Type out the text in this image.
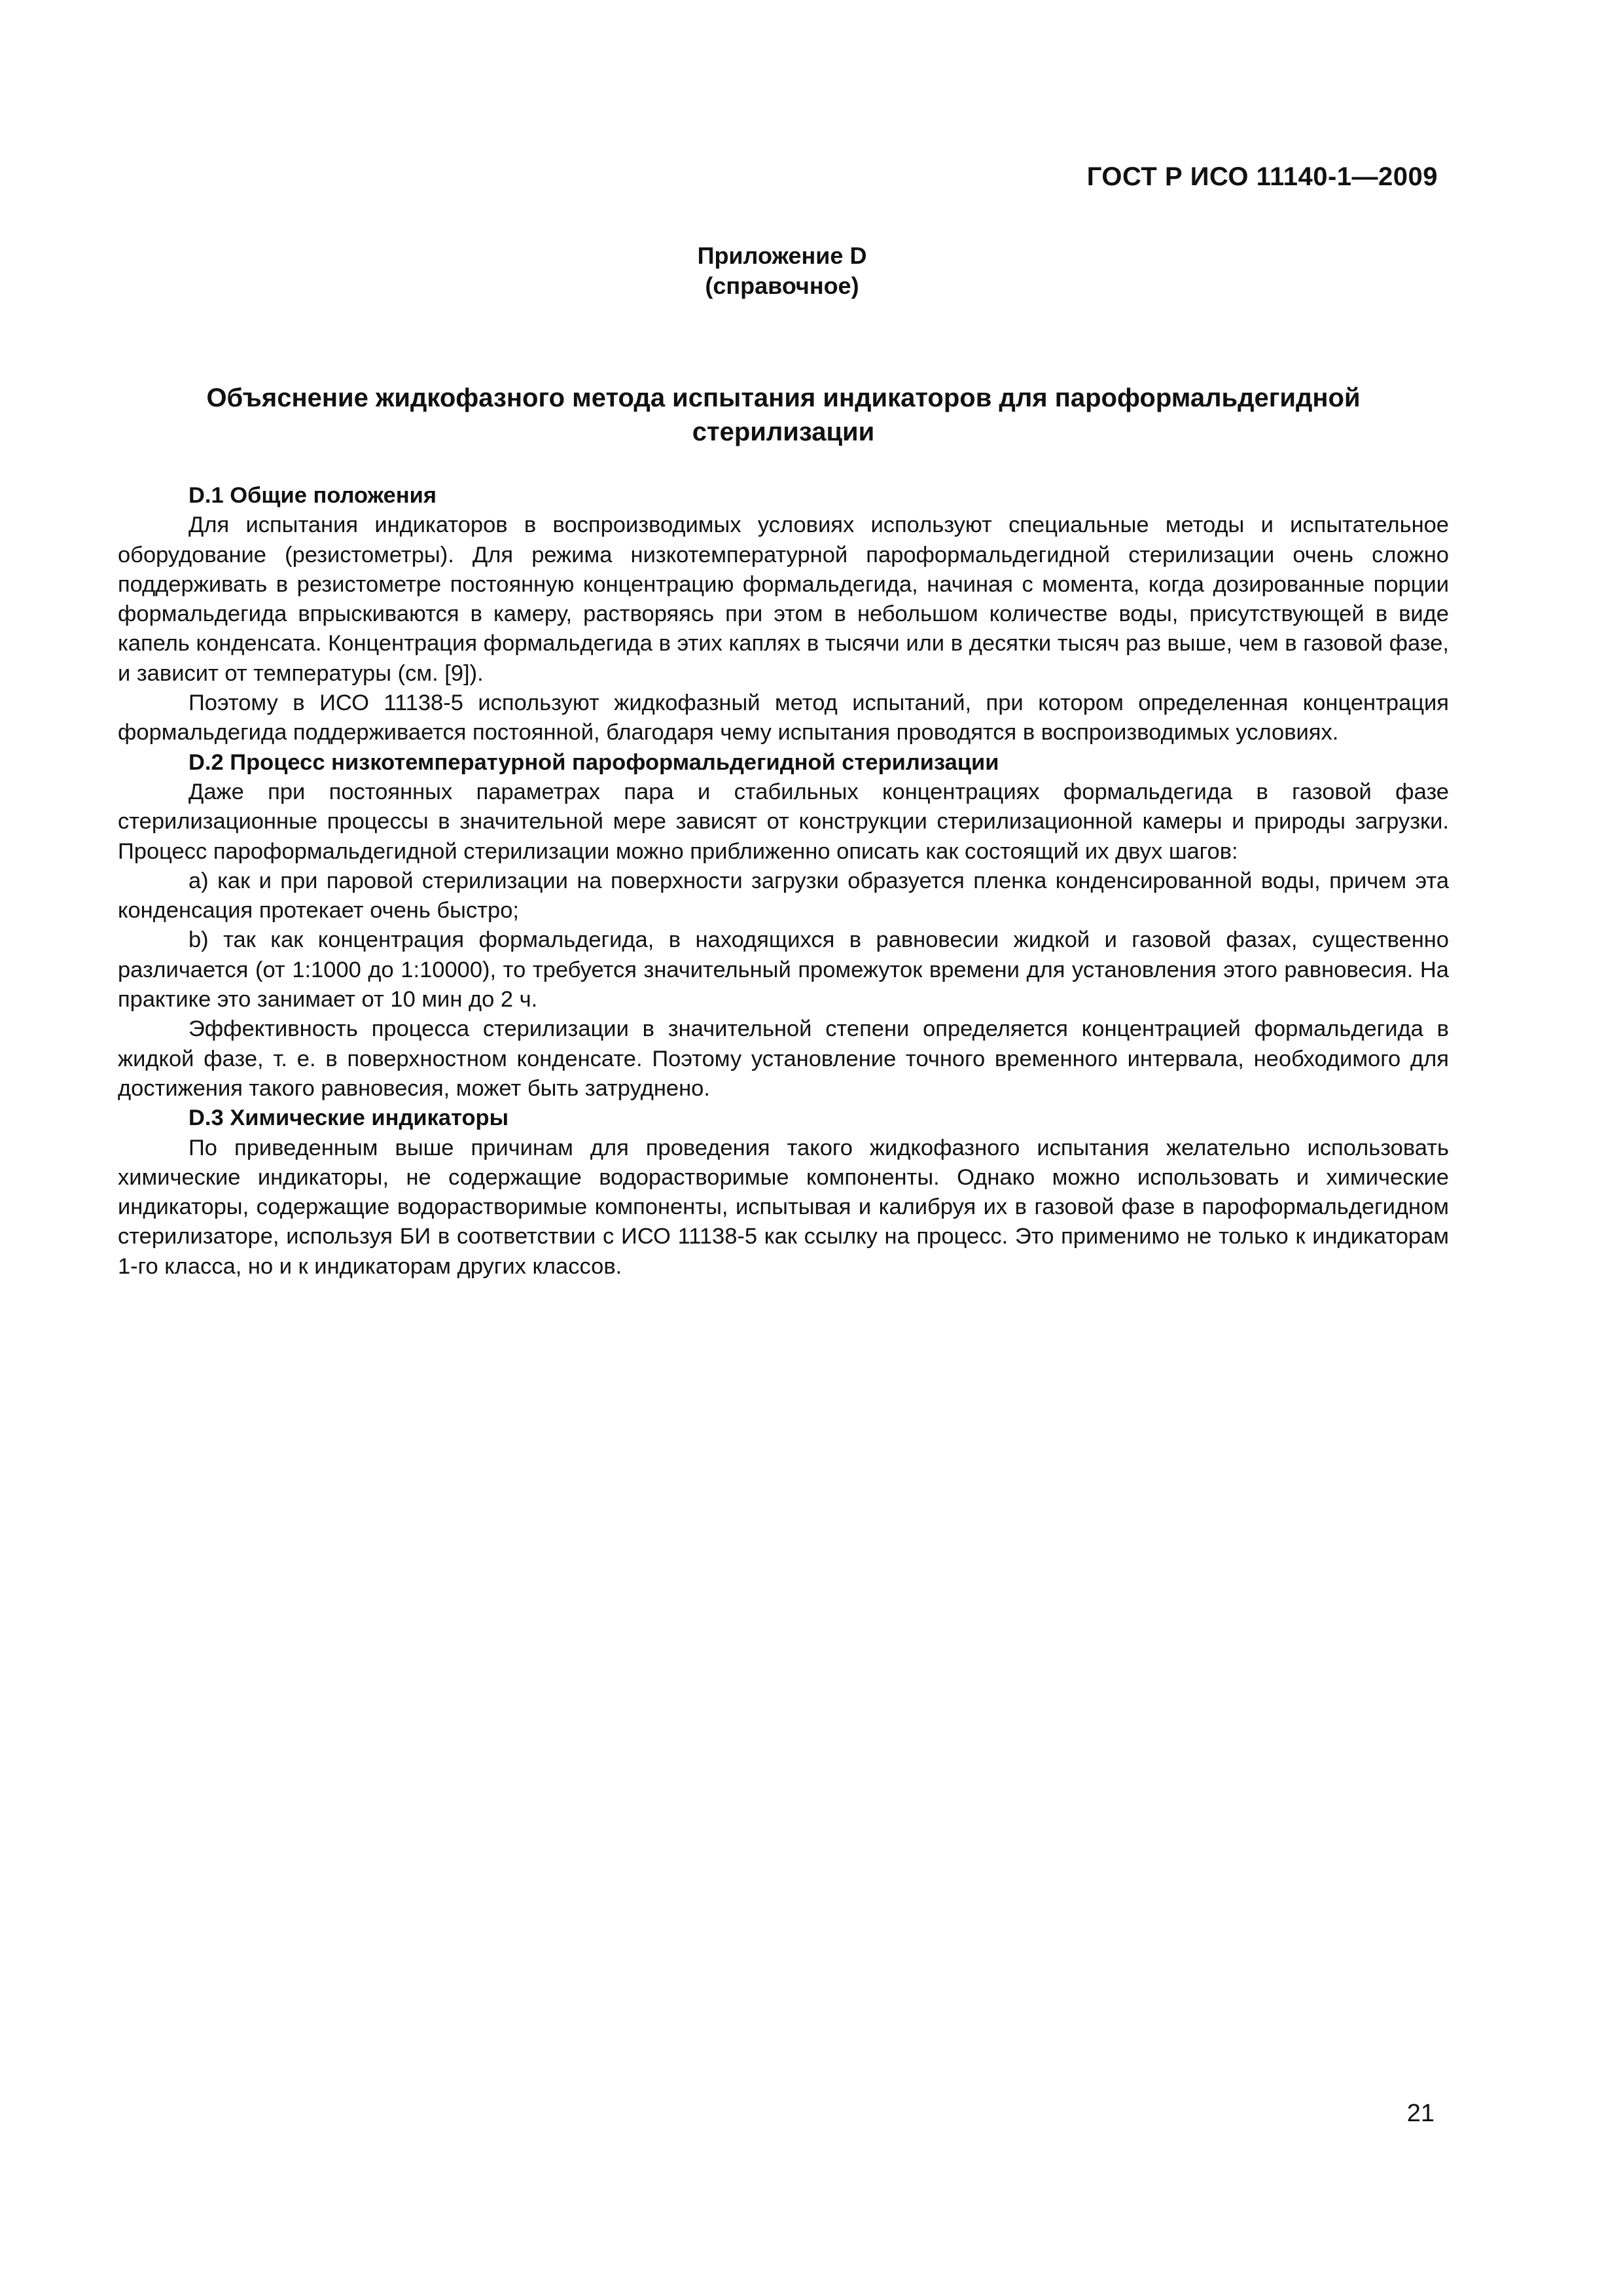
ГОСТ Р ИСО 11140-1—2009
Приложение D
(справочное)
Объяснение жидкофазного метода испытания индикаторов для пароформальдегидной
стерилизации

D.1 Общие положения

Для испытания индикаторов в воспроизводимых условиях используют специальные методы и испытательное оборудование (резистометры). Для режима низкотемпературной пароформальдегидной стерилизации очень сложно поддерживать в резистометре постоянную концентрацию формальдегида, начиная с момента, когда дозированные порции формальдегида впрыскиваются в камеру, растворяясь при этом в небольшом количестве воды, присутствующей в виде капель конденсата. Концентрация формальдегида в этих каплях в тысячи или в десятки тысяч раз выше, чем в газовой фазе, и зависит от температуры (см. [9]).

Поэтому в ИСО 11138-5 используют жидкофазный метод испытаний, при котором определенная концентрация формальдегида поддерживается постоянной, благодаря чему испытания проводятся в воспроизводимых условиях.

D.2 Процесс низкотемпературной пароформальдегидной стерилизации

Даже при постоянных параметрах пара и стабильных концентрациях формальдегида в газовой фазе стерилизационные процессы в значительной мере зависят от конструкции стерилизационной камеры и природы загрузки. Процесс пароформальдегидной стерилизации можно приближенно описать как состоящий их двух шагов:

a) как и при паровой стерилизации на поверхности загрузки образуется пленка конденсированной воды, причем эта конденсация протекает очень быстро;

b) так как концентрация формальдегида, в находящихся в равновесии жидкой и газовой фазах, существенно различается (от 1:1000 до 1:10000), то требуется значительный промежуток времени для установления этого равновесия. На практике это занимает от 10 мин до 2 ч.

Эффективность процесса стерилизации в значительной степени определяется концентрацией формальдегида в жидкой фазе, т. е. в поверхностном конденсате. Поэтому установление точного временного интервала, необходимого для достижения такого равновесия, может быть затруднено.

D.3 Химические индикаторы

По приведенным выше причинам для проведения такого жидкофазного испытания желательно использовать химические индикаторы, не содержащие водорастворимые компоненты. Однако можно использовать и химические индикаторы, содержащие водорастворимые компоненты, испытывая и калибруя их в газовой фазе в пароформальдегидном стерилизаторе, используя БИ в соответствии с ИСО 11138-5 как ссылку на процесс. Это применимо не только к индикаторам 1-го класса, но и к индикаторам других классов.

21
